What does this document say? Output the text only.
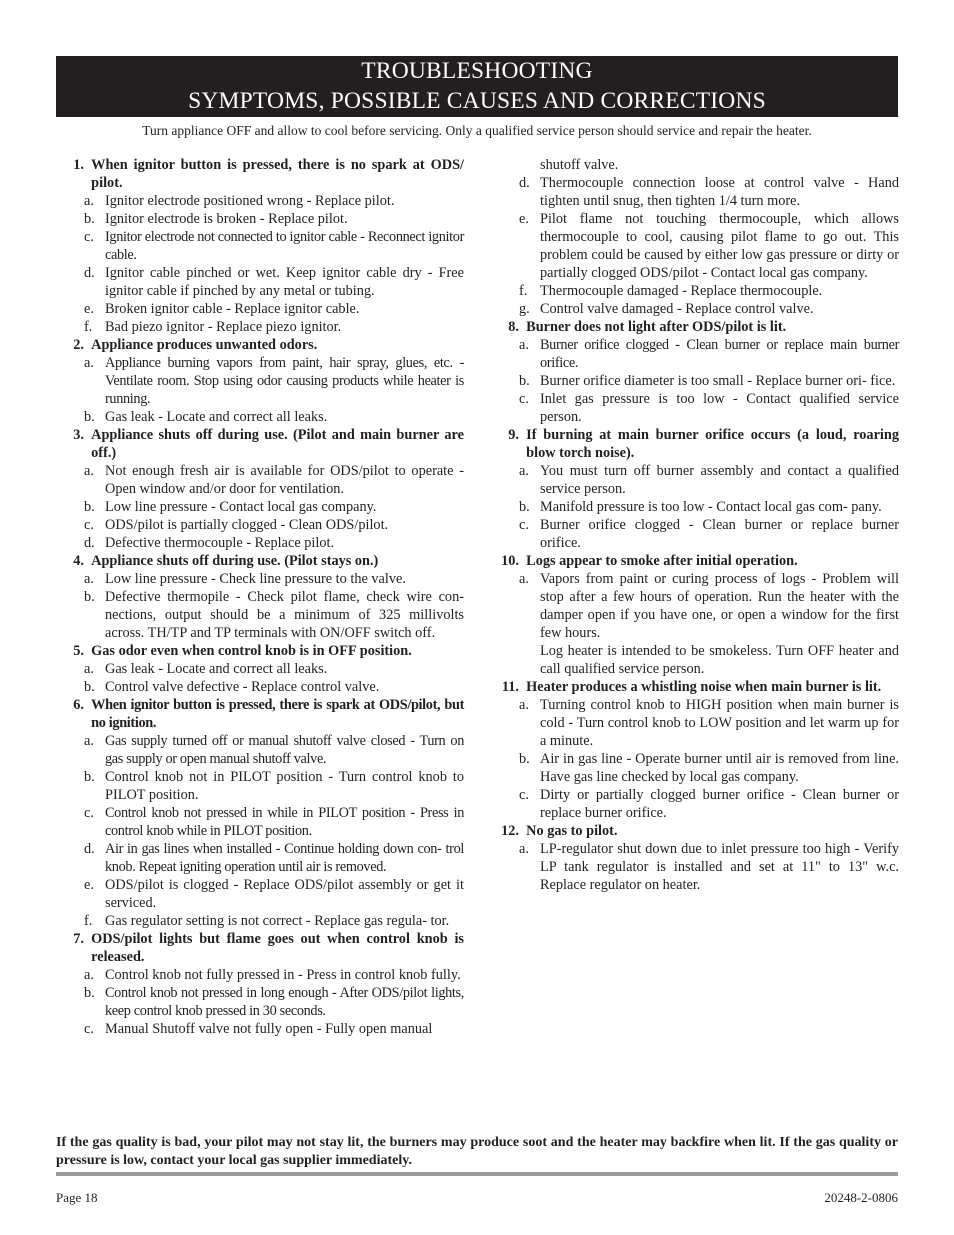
TROUBLESHOOTING
SYMPTOMS, POSSIBLE CAUSES AND CORRECTIONS
Turn appliance OFF and allow to cool before servicing. Only a qualified service person should service and repair the heater.
1.
When ignitor button is pressed, there is no spark at ODS/ pilot.
a. Ignitor electrode positioned wrong - Replace pilot.
b. Ignitor electrode is broken - Replace pilot.
c. Ignitor electrode not connected to ignitor cable - Reconnect ignitor cable.
d. Ignitor cable pinched or wet. Keep ignitor cable dry - Free ignitor cable if pinched by any metal or tubing.
e. Broken ignitor cable - Replace ignitor cable.
f. Bad piezo ignitor - Replace piezo ignitor.
2.
Appliance produces unwanted odors.
a. Appliance burning vapors from paint, hair spray, glues, etc. - Ventilate room. Stop using odor causing products while heater is running.
b. Gas leak - Locate and correct all leaks.
3.
Appliance shuts off during use. (Pilot and main burner are off.)
a. Not enough fresh air is available for ODS/pilot to operate - Open window and/or door for ventilation.
b. Low line pressure - Contact local gas company.
c. ODS/pilot is partially clogged - Clean ODS/pilot.
d. Defective thermocouple - Replace pilot.
4.
Appliance shuts off during use. (Pilot stays on.)
a. Low line pressure - Check line pressure to the valve.
b. Defective thermopile - Check pilot flame, check wire con- nections, output should be a minimum of 325 millivolts across. TH/TP and TP terminals with ON/OFF switch off.
5.
Gas odor even when control knob is in OFF position.
a. Gas leak - Locate and correct all leaks.
b. Control valve defective - Replace control valve.
6.
When ignitor button is pressed, there is spark at ODS/pilot, but no ignition.
a. Gas supply turned off or manual shutoff valve closed - Turn on gas supply or open manual shutoff valve.
b. Control knob not in PILOT position - Turn control knob to PILOT position.
c. Control knob not pressed in while in PILOT position - Press in control knob while in PILOT position.
d. Air in gas lines when installed - Continue holding down con- trol knob. Repeat igniting operation until air is removed.
e. ODS/pilot is clogged - Replace ODS/pilot assembly or get it serviced.
f. Gas regulator setting is not correct - Replace gas regula- tor.
7.
ODS/pilot lights but flame goes out when control knob is released.
a. Control knob not fully pressed in - Press in control knob fully.
b. Control knob not pressed in long enough - After ODS/pilot lights, keep control knob pressed in 30 seconds.
c. Manual Shutoff valve not fully open - Fully open manual
shutoff valve.
d. Thermocouple connection loose at control valve - Hand tighten until snug, then tighten 1/4 turn more.
e. Pilot flame not touching thermocouple, which allows thermocouple to cool, causing pilot flame to go out. This problem could be caused by either low gas pressure or dirty or partially clogged ODS/pilot - Contact local gas company.
f. Thermocouple damaged - Replace thermocouple.
g. Control valve damaged - Replace control valve.
8.
Burner does not light after ODS/pilot is lit.
a. Burner orifice clogged - Clean burner or replace main burner orifice.
b. Burner orifice diameter is too small - Replace burner ori- fice.
c. Inlet gas pressure is too low - Contact qualified service person.
9.
If burning at main burner orifice occurs (a loud, roaring blow torch noise).
a. You must turn off burner assembly and contact a qualified service person.
b. Manifold pressure is too low - Contact local gas com- pany.
c. Burner orifice clogged - Clean burner or replace burner orifice.
10.
Logs appear to smoke after initial operation.
a. Vapors from paint or curing process of logs - Problem will stop after a few hours of operation. Run the heater with the damper open if you have one, or open a window for the first few hours.
Log heater is intended to be smokeless. Turn OFF heater and call qualified service person.
11.
Heater produces a whistling noise when main burner is lit.
a. Turning control knob to HIGH position when main burner is cold - Turn control knob to LOW position and let warm up for a minute.
b. Air in gas line - Operate burner until air is removed from line. Have gas line checked by local gas company.
c. Dirty or partially clogged burner orifice - Clean burner or replace burner orifice.
12.
No gas to pilot.
a. LP-regulator shut down due to inlet pressure too high - Verify LP tank regulator is installed and set at 11" to 13" w.c. Replace regulator on heater.
If the gas quality is bad, your pilot may not stay lit, the burners may produce soot and the heater may backfire when lit. If the gas quality or pressure is low, contact your local gas supplier immediately.
Page 18	20248-2-0806
